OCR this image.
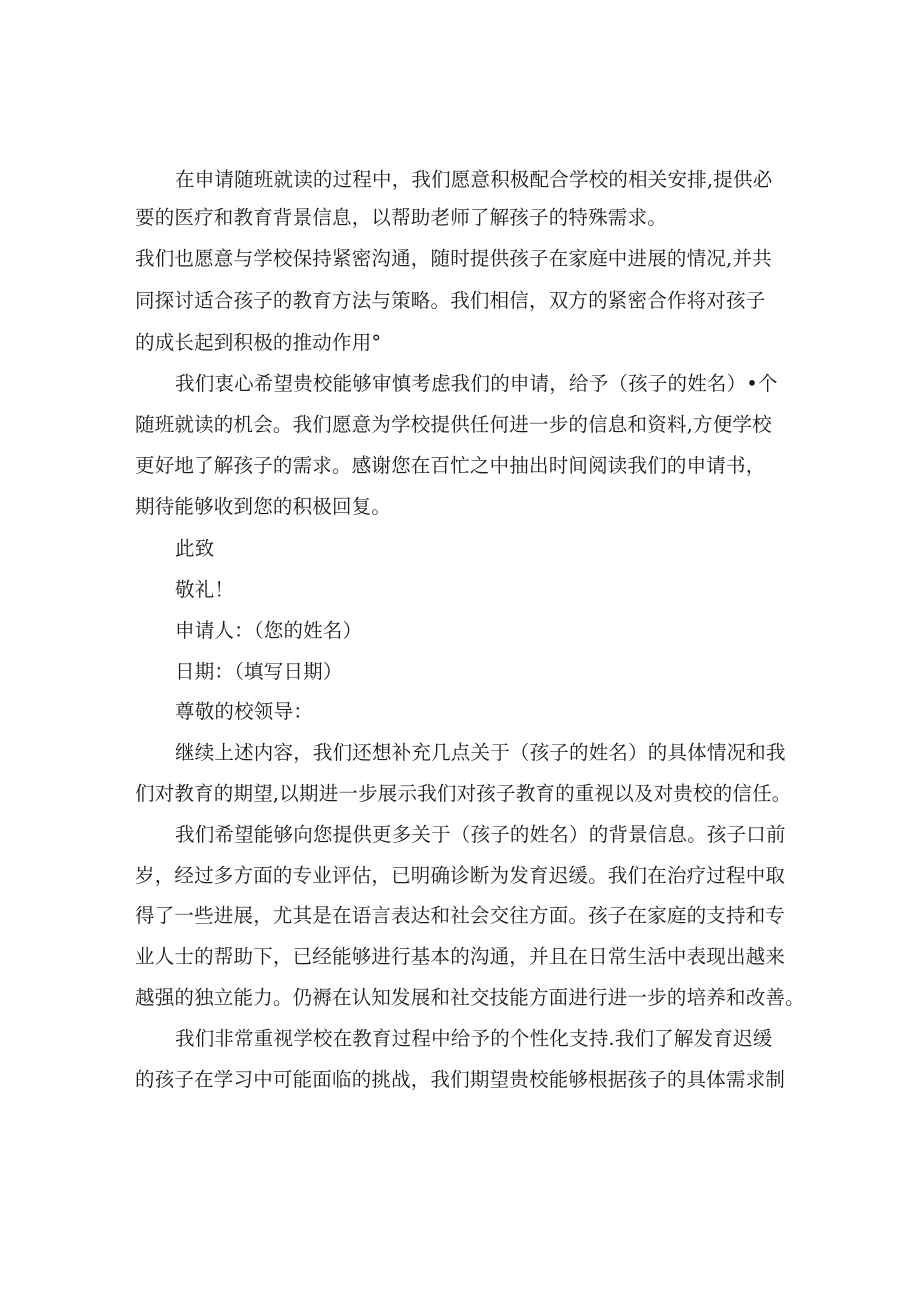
在申请随班就读的过程中，我们愿意积极配合学校的相关安排,提供必
要的医疗和教育背景信息，以帮助老师了解孩子的特殊需求。
我们也愿意与学校保持紧密沟通，随时提供孩子在家庭中进展的情况,并共
同探讨适合孩子的教育方法与策略。我们相信，双方的紧密合作将对孩子
的成长起到积极的推动作用°
我们衷心希望贵校能够审慎考虑我们的申请，给予（孩子的姓名）•个
随班就读的机会。我们愿意为学校提供任何进一步的信息和资料,方便学校
更好地了解孩子的需求。感谢您在百忙之中抽出时间阅读我们的申请书，
期待能够收到您的积极回复。
此致
敬礼！
申请人：（您的姓名）
日期：（填写日期）
尊敬的校领导：
继续上述内容，我们还想补充几点关于（孩子的姓名）的具体情况和我
们对教育的期望,以期进一步展示我们对孩子教育的重视以及对贵校的信任。
我们希望能够向您提供更多关于（孩子的姓名）的背景信息。孩子口前
岁，经过多方面的专业评估，已明确诊断为发育迟缓。我们在治疗过程中取
得了一些进展，尤其是在语言表达和社会交往方面。孩子在家庭的支持和专
业人士的帮助下，已经能够进行基本的沟通，并且在日常生活中表现出越来
越强的独立能力。仍褥在认知发展和社交技能方面进行进一步的培养和改善。
我们非常重视学校在教育过程中给予的个性化支持.我们了解发育迟缓
的孩子在学习中可能面临的挑战，我们期望贵校能够根据孩子的具体需求制
